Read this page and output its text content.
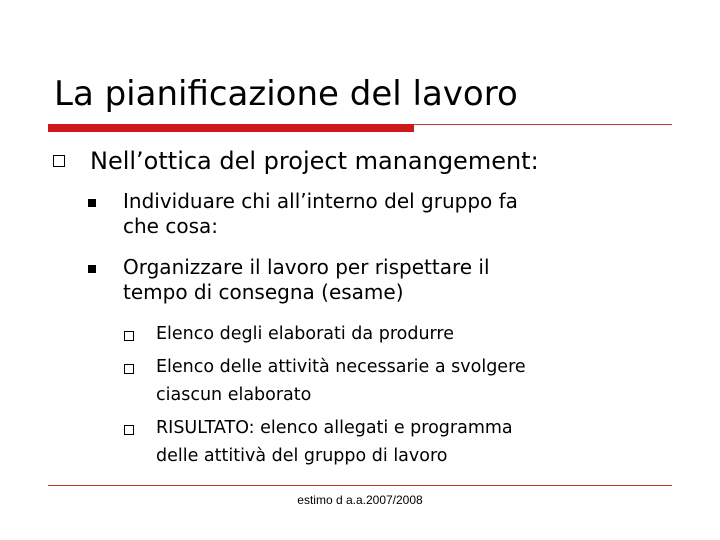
La pianificazione del lavoro
Nell’ottica del project manangement:
Individuare chi all’interno del gruppo fa
che cosa:
Organizzare il lavoro per rispettare il
tempo di consegna (esame)
Elenco degli elaborati da produrre
Elenco delle attività necessarie a svolgere
ciascun elaborato
RISULTATO: elenco allegati e programma
delle attitivà del gruppo di lavoro
estimo d a.a.2007/2008
